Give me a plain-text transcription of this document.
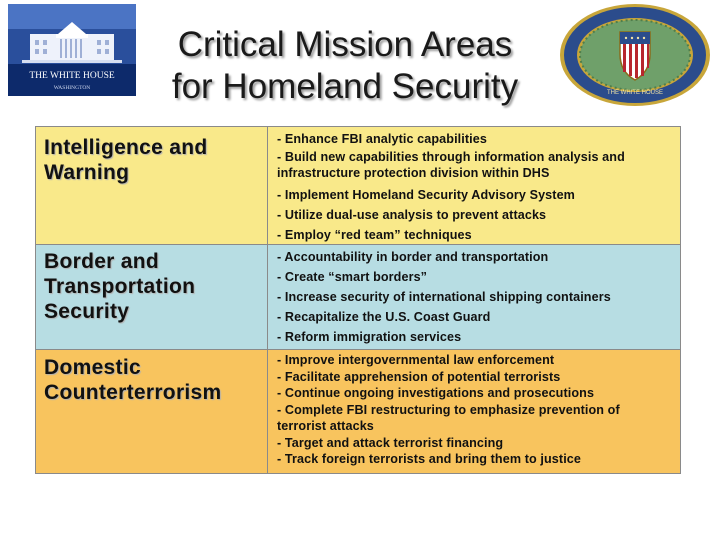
THE WHITE HOUSE
WASHINGTON
Critical Mission Areas
for Homeland Security	THE WHITE HOUSE
Intelligence and Warning
- Enhance FBI analytic capabilities
- Build new capabilities through information analysis and infrastructure protection division within DHS
- Implement Homeland Security Advisory System
- Utilize dual-use analysis to prevent attacks
- Employ “red team” techniques
Border and Transportation Security
- Accountability in border and transportation
- Create “smart borders”
- Increase security of international shipping containers
- Recapitalize the U.S. Coast Guard
- Reform immigration services
Domestic Counterterrorism
- Improve intergovernmental law enforcement
- Facilitate apprehension of potential terrorists
- Continue ongoing investigations and prosecutions
- Complete FBI restructuring to emphasize prevention of terrorist attacks
- Target and attack terrorist financing
- Track foreign terrorists and bring them to justice
